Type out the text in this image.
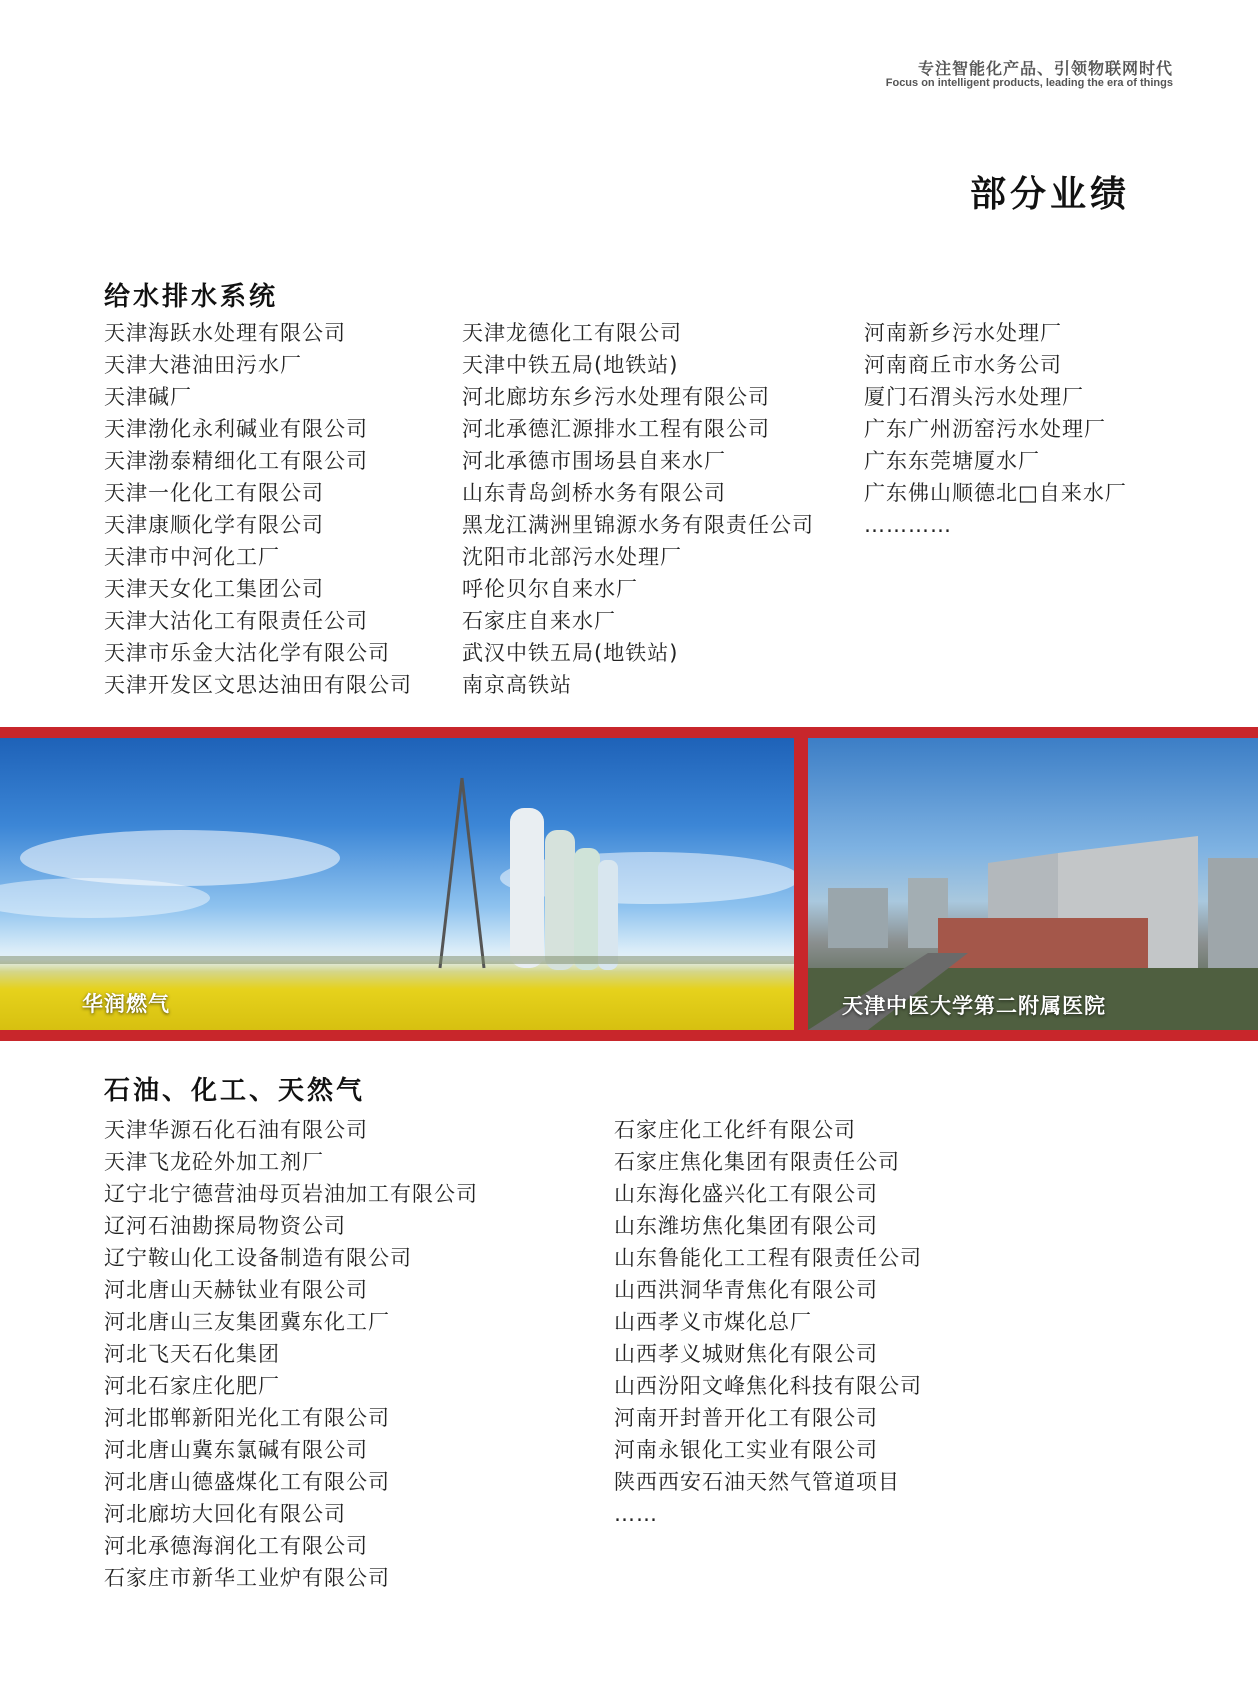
专注智能化产品、引领物联网时代
Focus on intelligent products, leading the era of things
部分业绩
给水排水系统
天津海跃水处理有限公司
天津大港油田污水厂
天津碱厂
天津渤化永利碱业有限公司
天津渤泰精细化工有限公司
天津一化化工有限公司
天津康顺化学有限公司
天津市中河化工厂
天津天女化工集团公司
天津大沽化工有限责任公司
天津市乐金大沽化学有限公司
天津开发区文思达油田有限公司
天津龙德化工有限公司
天津中铁五局(地铁站)
河北廊坊东乡污水处理有限公司
河北承德汇源排水工程有限公司
河北承德市围场县自来水厂
山东青岛剑桥水务有限公司
黑龙江满洲里锦源水务有限责任公司
沈阳市北部污水处理厂
呼伦贝尔自来水厂
石家庄自来水厂
武汉中铁五局(地铁站)
南京高铁站
河南新乡污水处理厂
河南商丘市水务公司
厦门石渭头污水处理厂
广东广州沥窑污水处理厂
广东东莞塘厦水厂
广东佛山顺德北□自来水厂
…………
华润燃气	天津中医大学第二附属医院
石油、化工、天然气
天津华源石化石油有限公司
天津飞龙砼外加工剂厂
辽宁北宁德营油母页岩油加工有限公司
辽河石油勘探局物资公司
辽宁鞍山化工设备制造有限公司
河北唐山天赫钛业有限公司
河北唐山三友集团冀东化工厂
河北飞天石化集团
河北石家庄化肥厂
河北邯郸新阳光化工有限公司
河北唐山冀东氯碱有限公司
河北唐山德盛煤化工有限公司
河北廊坊大回化有限公司
河北承德海润化工有限公司
石家庄市新华工业炉有限公司
石家庄化工化纤有限公司
石家庄焦化集团有限责任公司
山东海化盛兴化工有限公司
山东潍坊焦化集团有限公司
山东鲁能化工工程有限责任公司
山西洪洞华青焦化有限公司
山西孝义市煤化总厂
山西孝义城财焦化有限公司
山西汾阳文峰焦化科技有限公司
河南开封普开化工有限公司
河南永银化工实业有限公司
陕西西安石油天然气管道项目
……
